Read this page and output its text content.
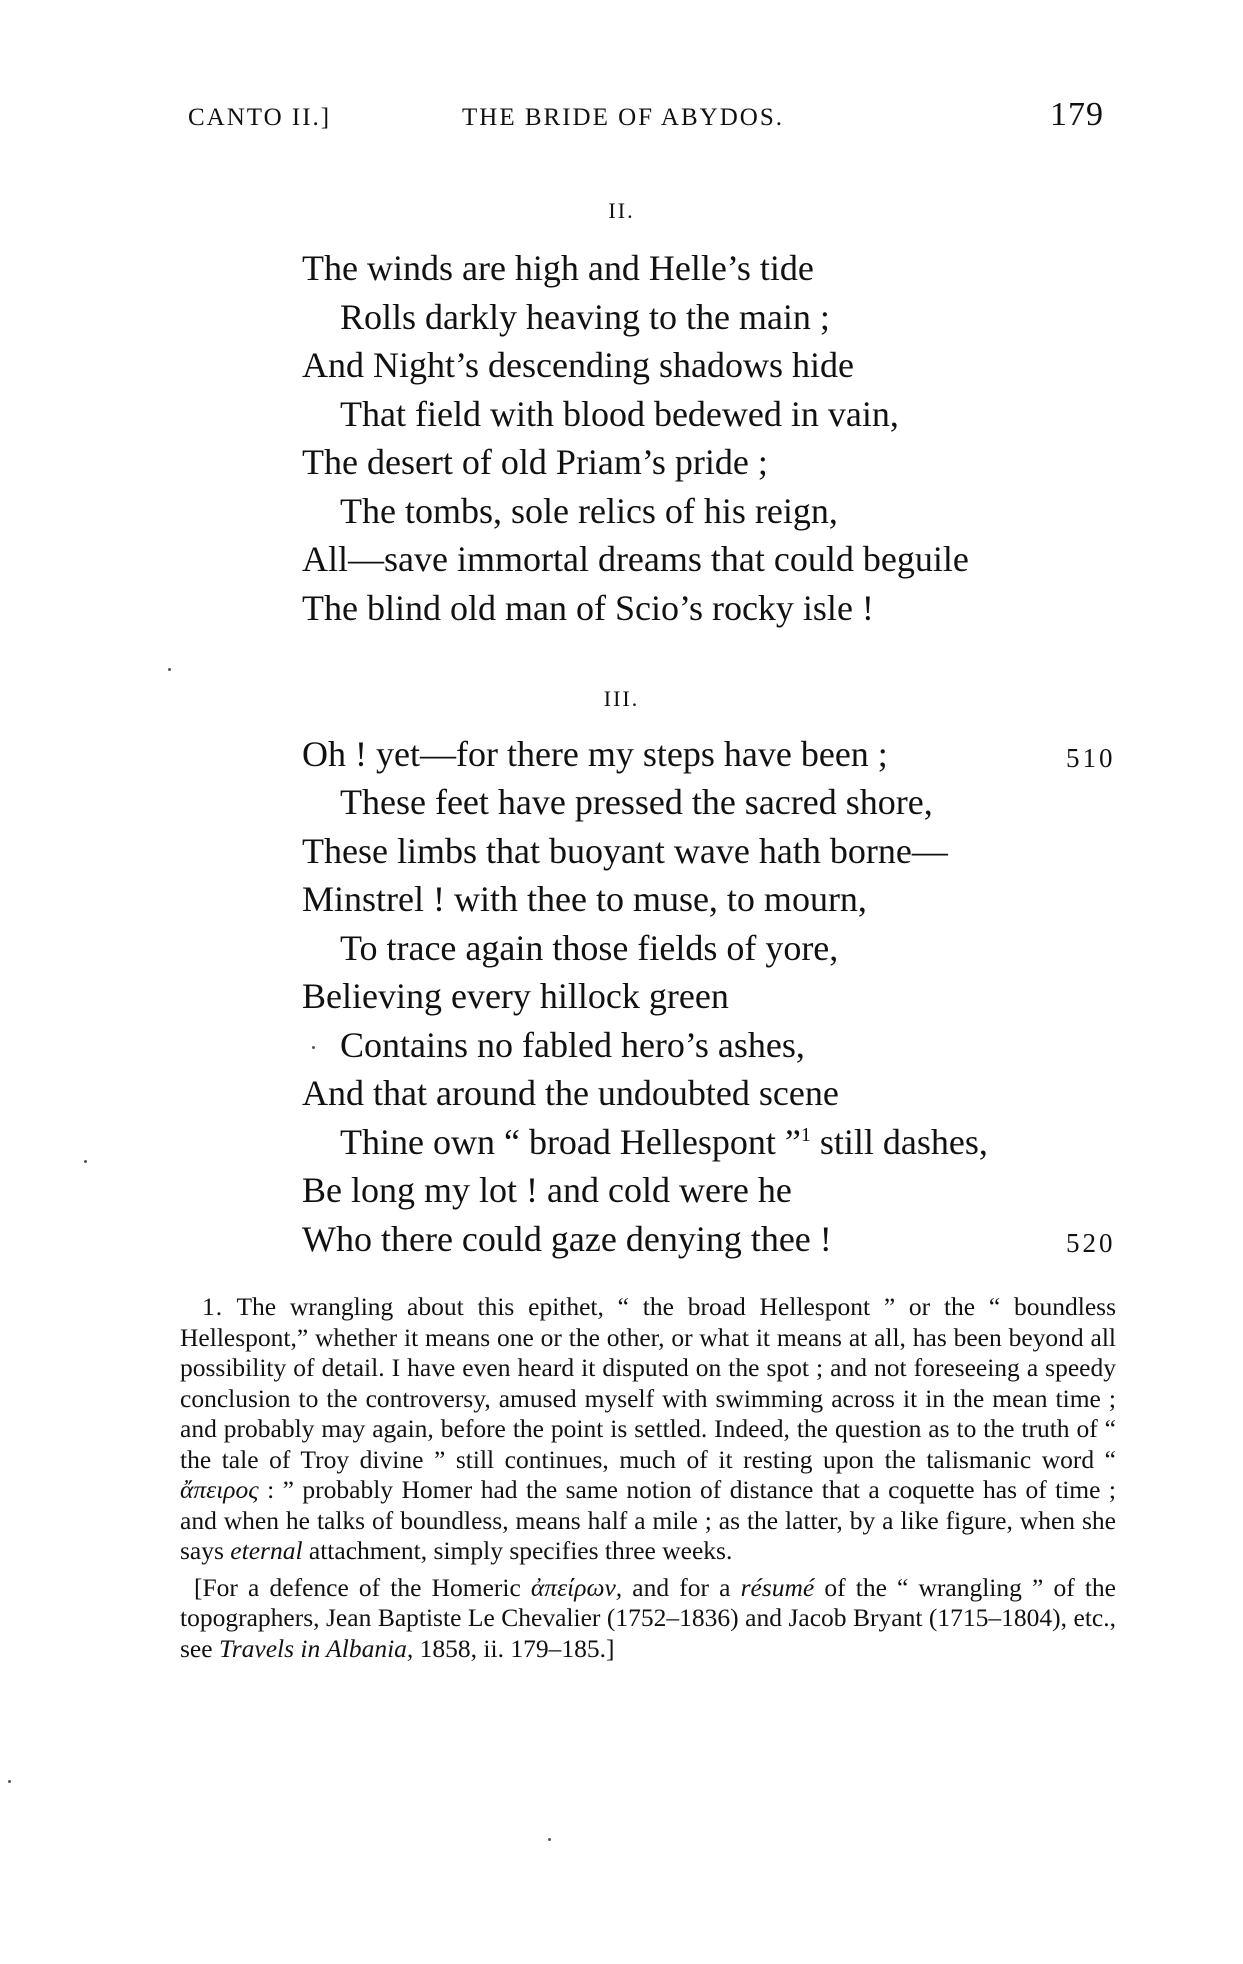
CANTO II.]	THE BRIDE OF ABYDOS.	179
II.
The winds are high and Helle’s tide
Rolls darkly heaving to the main ;
And Night’s descending shadows hide
That field with blood bedewed in vain,
The desert of old Priam’s pride ;
The tombs, sole relics of his reign,
All—save immortal dreams that could beguile
The blind old man of Scio’s rocky isle !
III.
Oh ! yet—for there my steps have been ;	510
These feet have pressed the sacred shore,
These limbs that buoyant wave hath borne—
Minstrel ! with thee to muse, to mourn,
To trace again those fields of yore,
Believing every hillock green
Contains no fabled hero’s ashes,
And that around the undoubted scene
Thine own “ broad Hellespont ”$^1$ still dashes,
Be long my lot ! and cold were he
Who there could gaze denying thee !	520

1. The wrangling about this epithet, “ the broad Hellespont ” or the “ boundless Hellespont,” whether it means one or the other, or what it means at all, has been beyond all possibility of detail. I have even heard it disputed on the spot ; and not foreseeing a speedy conclusion to the controversy, amused myself with swimming across it in the mean time ; and probably may again, before the point is settled. Indeed, the question as to the truth of “ the tale of Troy divine ” still continues, much of it resting upon the talismanic word “ ἄπειρος : ” probably Homer had the same notion of distance that a coquette has of time ; and when he talks of boundless, means half a mile ; as the latter, by a like figure, when she says eternal attachment, simply specifies three weeks.

[For a defence of the Homeric ἀπείρων, and for a résumé of the “ wrangling ” of the topographers, Jean Baptiste Le Chevalier (1752–1836) and Jacob Bryant (1715–1804), etc., see Travels in Albania, 1858, ii. 179–185.]
